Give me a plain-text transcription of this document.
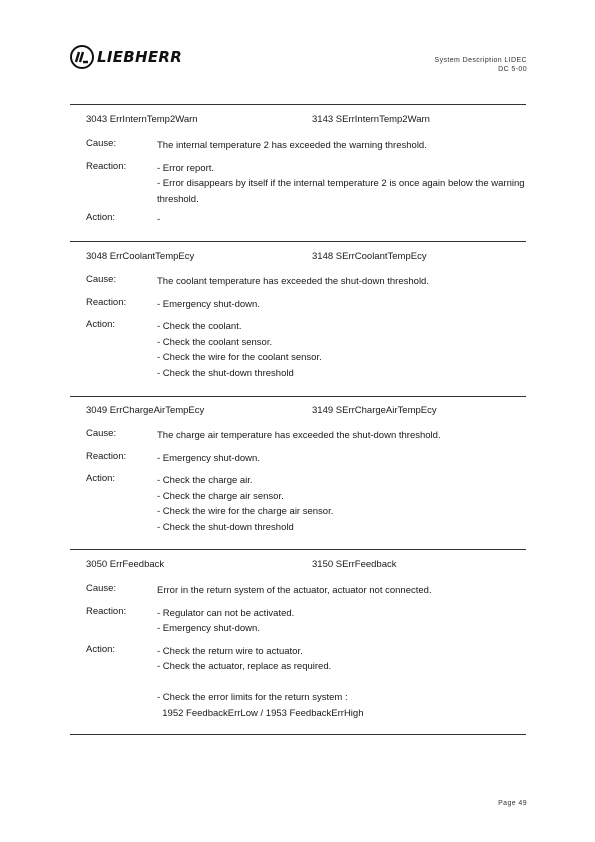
LIEBHERR	System Description LIDEC
DC 5-00
3043 ErrInternTemp2Warn	3143 SErrInternTemp2Warn
Cause:	The internal temperature 2 has exceeded the warning threshold.
Reaction:	- Error report.
- Error disappears by itself if the internal temperature 2 is once again below the warning threshold.
Action:	-
3048 ErrCoolantTempEcy	3148 SErrCoolantTempEcy
Cause:	The coolant temperature has exceeded the shut-down threshold.
Reaction:	- Emergency shut-down.
Action:	- Check the coolant.
- Check the coolant sensor.
- Check the wire for the coolant sensor.
- Check the shut-down threshold
3049 ErrChargeAirTempEcy	3149 SErrChargeAirTempEcy
Cause:	The charge air temperature has exceeded the shut-down threshold.
Reaction:	- Emergency shut-down.
Action:	- Check the charge air.
- Check the charge air sensor.
- Check the wire for the charge air sensor.
- Check the shut-down threshold
3050 ErrFeedback	3150 SErrFeedback
Cause:	Error in the return system of the actuator, actuator not connected.
Reaction:	- Regulator can not be activated.
- Emergency shut-down.
Action:	- Check the return wire to actuator.
- Check the actuator, replace as required.
- Check the error limits for the return system :
1952 FeedbackErrLow / 1953 FeedbackErrHigh
Page 49
